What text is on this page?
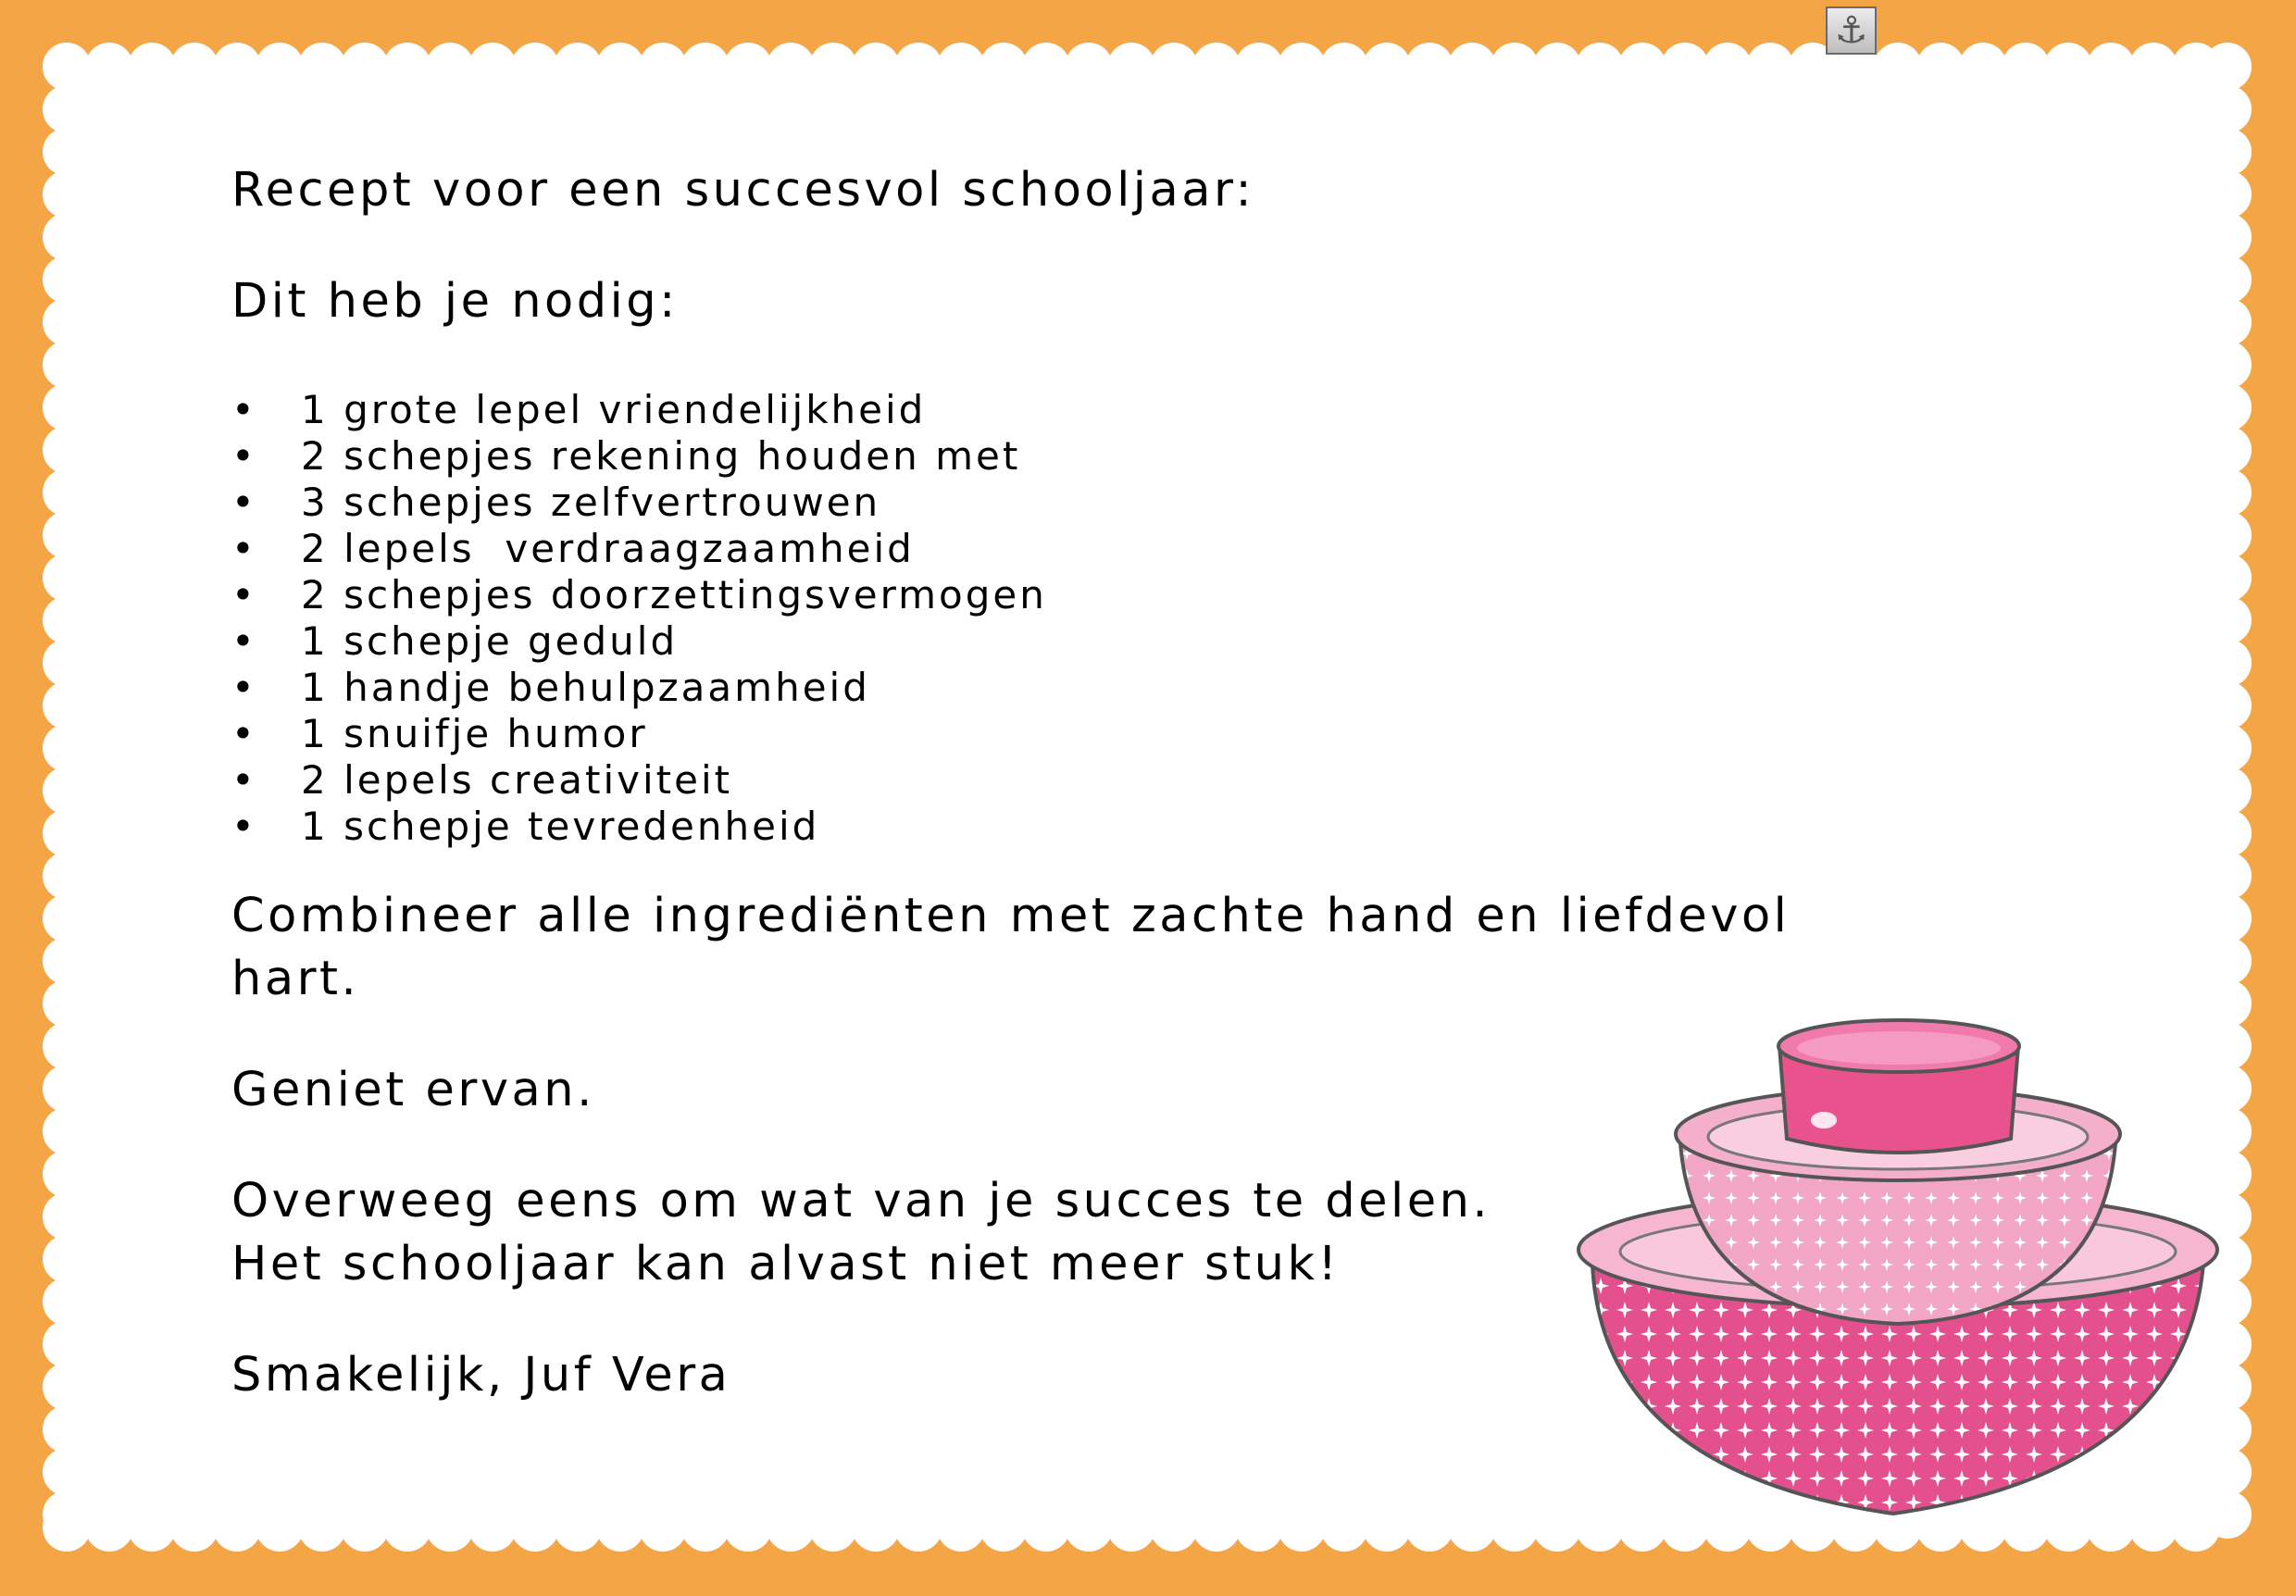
⚓

Recept voor een succesvol schooljaar:

Dit heb je nodig:

• 1 grote lepel vriendelijkheid
• 2 schepjes rekening houden met
• 3 schepjes zelfvertrouwen
• 2 lepels  verdraagzaamheid
• 2 schepjes doorzettingsvermogen
• 1 schepje geduld
• 1 handje behulpzaamheid
• 1 snuifje humor
• 2 lepels creativiteit
• 1 schepje tevredenheid

Combineer alle ingrediënten met zachte hand en liefdevol hart.

Geniet ervan.

Overweeg eens om wat van je succes te delen.

Het schooljaar kan alvast niet meer stuk!

Smakelijk, Juf Vera
